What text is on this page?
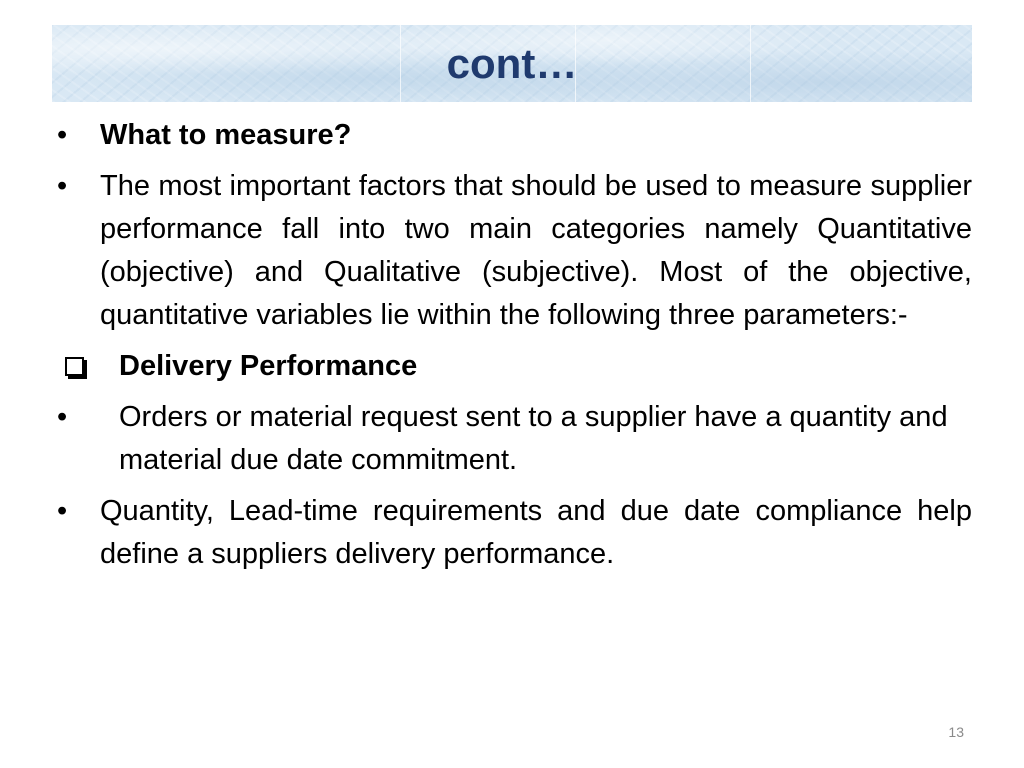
cont…
•	What to measure?
•	The most important factors that should be used to measure supplier performance fall into two main categories namely Quantitative (objective) and Qualitative (subjective). Most of the objective, quantitative variables lie within the following three parameters:-
Delivery Performance
•	Orders or material request sent to a supplier have a quantity and material due date commitment.
•	Quantity, Lead-time requirements and due date compliance help define a suppliers delivery performance.
13
